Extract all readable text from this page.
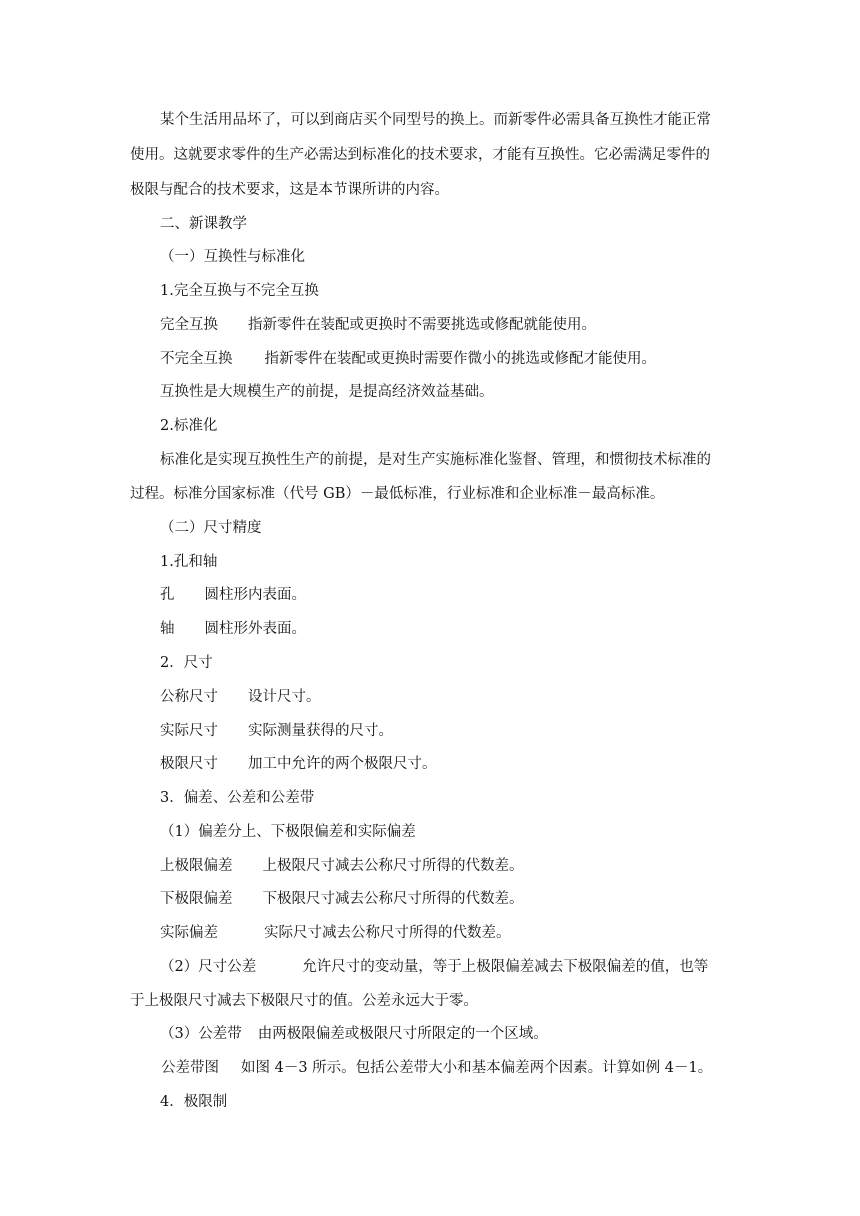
某个生活用品坏了，可以到商店买个同型号的换上。而新零件必需具备互换性才能正常
使用。这就要求零件的生产必需达到标准化的技术要求，才能有互换性。它必需满足零件的
极限与配合的技术要求，这是本节课所讲的内容。
二、新课教学
（一）互换性与标准化
1.完全互换与不完全互换
完全互换 指新零件在装配或更换时不需要挑选或修配就能使用。
不完全互换 指新零件在装配或更换时需要作微小的挑选或修配才能使用。
互换性是大规模生产的前提，是提高经济效益基础。
2.标准化
标准化是实现互换性生产的前提，是对生产实施标准化鉴督、管理，和惯彻技术标准的
过程。标准分国家标准（代号 GB）－最低标准，行业标准和企业标准－最高标准。
（二）尺寸精度
1.孔和轴
孔 圆柱形内表面。
轴 圆柱形外表面。
2．尺寸
公称尺寸 设计尺寸。
实际尺寸 实际测量获得的尺寸。
极限尺寸 加工中允许的两个极限尺寸。
3．偏差、公差和公差带
（1）偏差分上、下极限偏差和实际偏差
上极限偏差 上极限尺寸减去公称尺寸所得的代数差。
下极限偏差 下极限尺寸减去公称尺寸所得的代数差。
实际偏差	实际尺寸减去公称尺寸所得的代数差。
（2）尺寸公差	允许尺寸的变动量，等于上极限偏差减去下极限偏差的值，也等
于上极限尺寸减去下极限尺寸的值。公差永远大于零。
（3）公差带 由两极限偏差或极限尺寸所限定的一个区域。
公差带图 如图 4－3 所示。包括公差带大小和基本偏差两个因素。计算如例 4－1。
4．极限制
